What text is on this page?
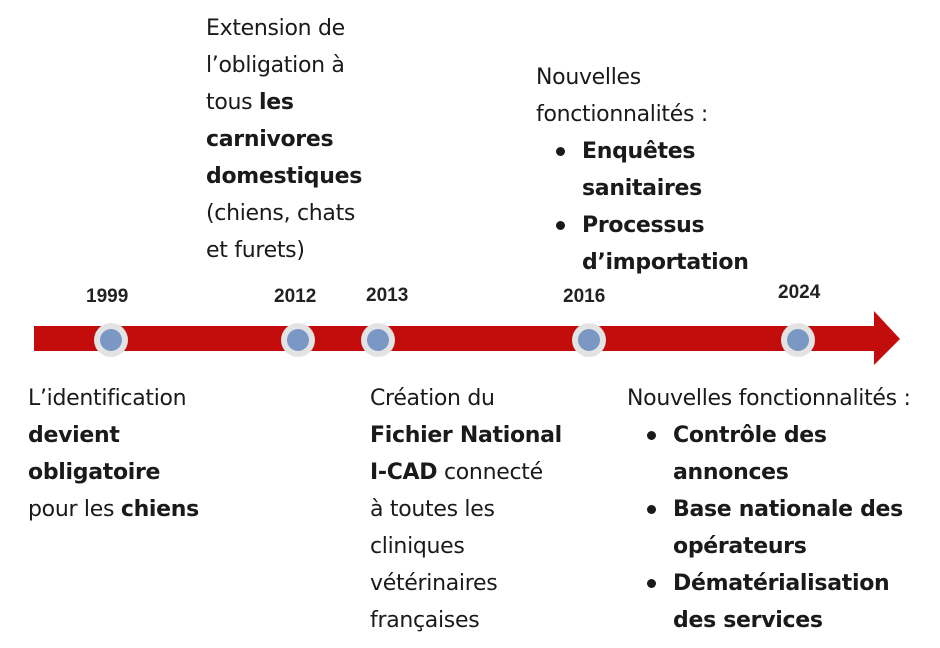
1999	2012	2013	2016	2024
Extension de
l’obligation à
tous les
carnivores
domestiques
(chiens, chats
et furets)
Nouvelles
fonctionnalités :
Enquêtes
sanitaires
Processus
d’importation
L’identification
devient
obligatoire
pour les chiens
Création du
Fichier National
I-CAD connecté
à toutes les
cliniques
vétérinaires
françaises
Nouvelles fonctionnalités :
Contrôle des
annonces
Base nationale des
opérateurs
Dématérialisation
des services
